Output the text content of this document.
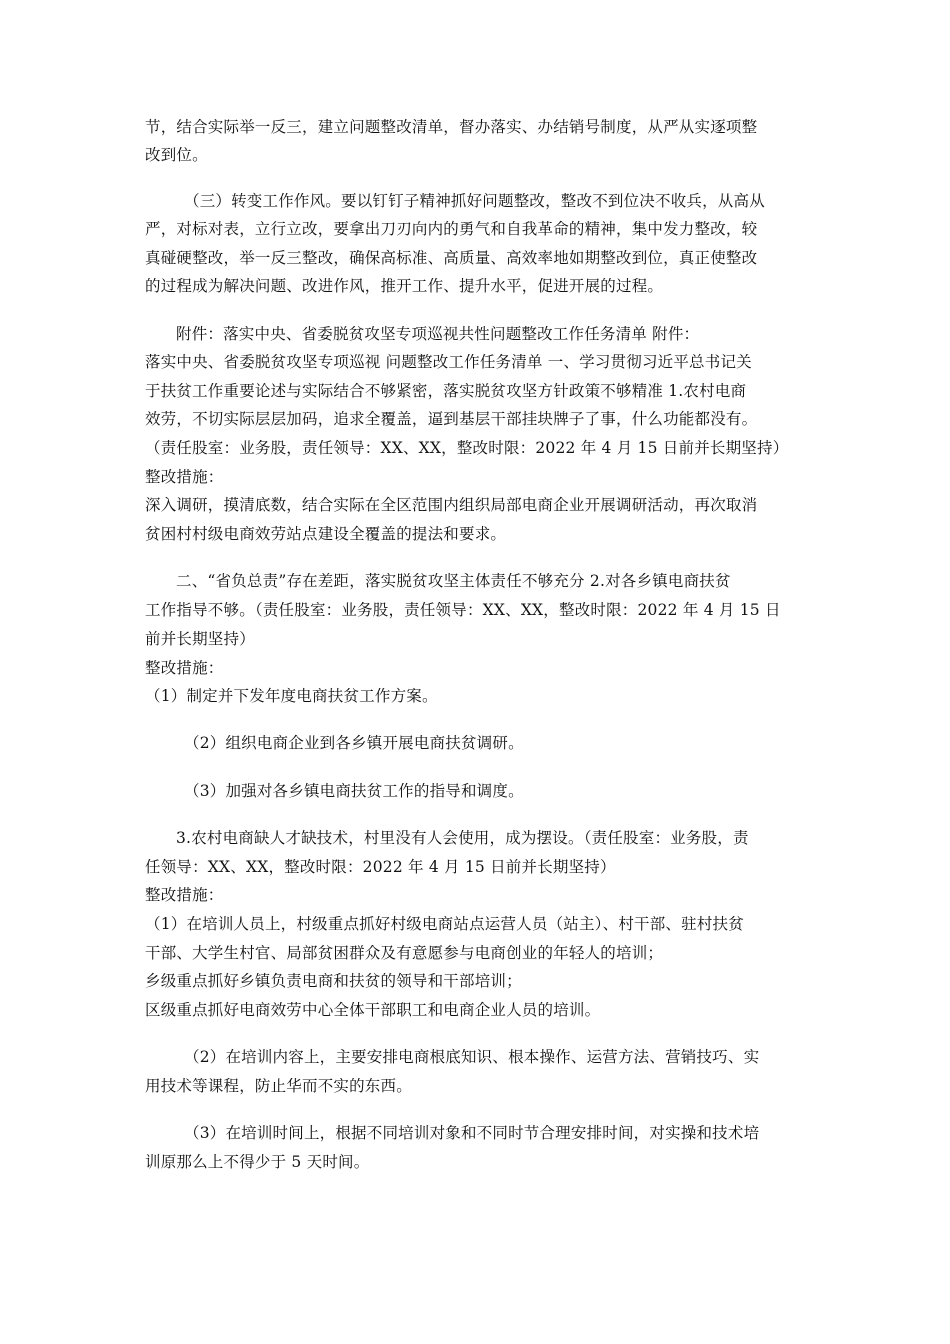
节，结合实际举一反三，建立问题整改清单，督办落实、办结销号制度，从严从实逐项整
改到位。
（三）转变工作作风。要以钉钉子精神抓好问题整改，整改不到位决不收兵，从高从
严，对标对表，立行立改，要拿出刀刃向内的勇气和自我革命的精神，集中发力整改，较
真碰硬整改，举一反三整改，确保高标准、高质量、高效率地如期整改到位，真正使整改
的过程成为解决问题、改进作风，推开工作、提升水平，促进开展的过程。
附件：落实中央、省委脱贫攻坚专项巡视共性问题整改工作任务清单 附件：
落实中央、省委脱贫攻坚专项巡视 问题整改工作任务清单 一、学习贯彻习近平总书记关
于扶贫工作重要论述与实际结合不够紧密，落实脱贫攻坚方针政策不够精准 1.农村电商
效劳，不切实际层层加码，追求全覆盖，逼到基层干部挂块牌子了事，什么功能都没有。
（责任股室：业务股，责任领导：XX、XX，整改时限：2022 年 4 月 15 日前并长期坚持）
整改措施：
深入调研，摸清底数，结合实际在全区范围内组织局部电商企业开展调研活动，再次取消
贫困村村级电商效劳站点建设全覆盖的提法和要求。
二、“省负总责”存在差距，落实脱贫攻坚主体责任不够充分 2.对各乡镇电商扶贫
工作指导不够。（责任股室：业务股，责任领导：XX、XX，整改时限：2022 年 4 月 15 日
前并长期坚持）
整改措施：
（1）制定并下发年度电商扶贫工作方案。
（2）组织电商企业到各乡镇开展电商扶贫调研。
（3）加强对各乡镇电商扶贫工作的指导和调度。
3.农村电商缺人才缺技术，村里没有人会使用，成为摆设。（责任股室：业务股，责
任领导：XX、XX，整改时限：2022 年 4 月 15 日前并长期坚持）
整改措施：
（1）在培训人员上，村级重点抓好村级电商站点运营人员（站主）、村干部、驻村扶贫
干部、大学生村官、局部贫困群众及有意愿参与电商创业的年轻人的培训；
乡级重点抓好乡镇负责电商和扶贫的领导和干部培训；
区级重点抓好电商效劳中心全体干部职工和电商企业人员的培训。
（2）在培训内容上，主要安排电商根底知识、根本操作、运营方法、营销技巧、实
用技术等课程，防止华而不实的东西。
（3）在培训时间上，根据不同培训对象和不同时节合理安排时间，对实操和技术培
训原那么上不得少于 5 天时间。
